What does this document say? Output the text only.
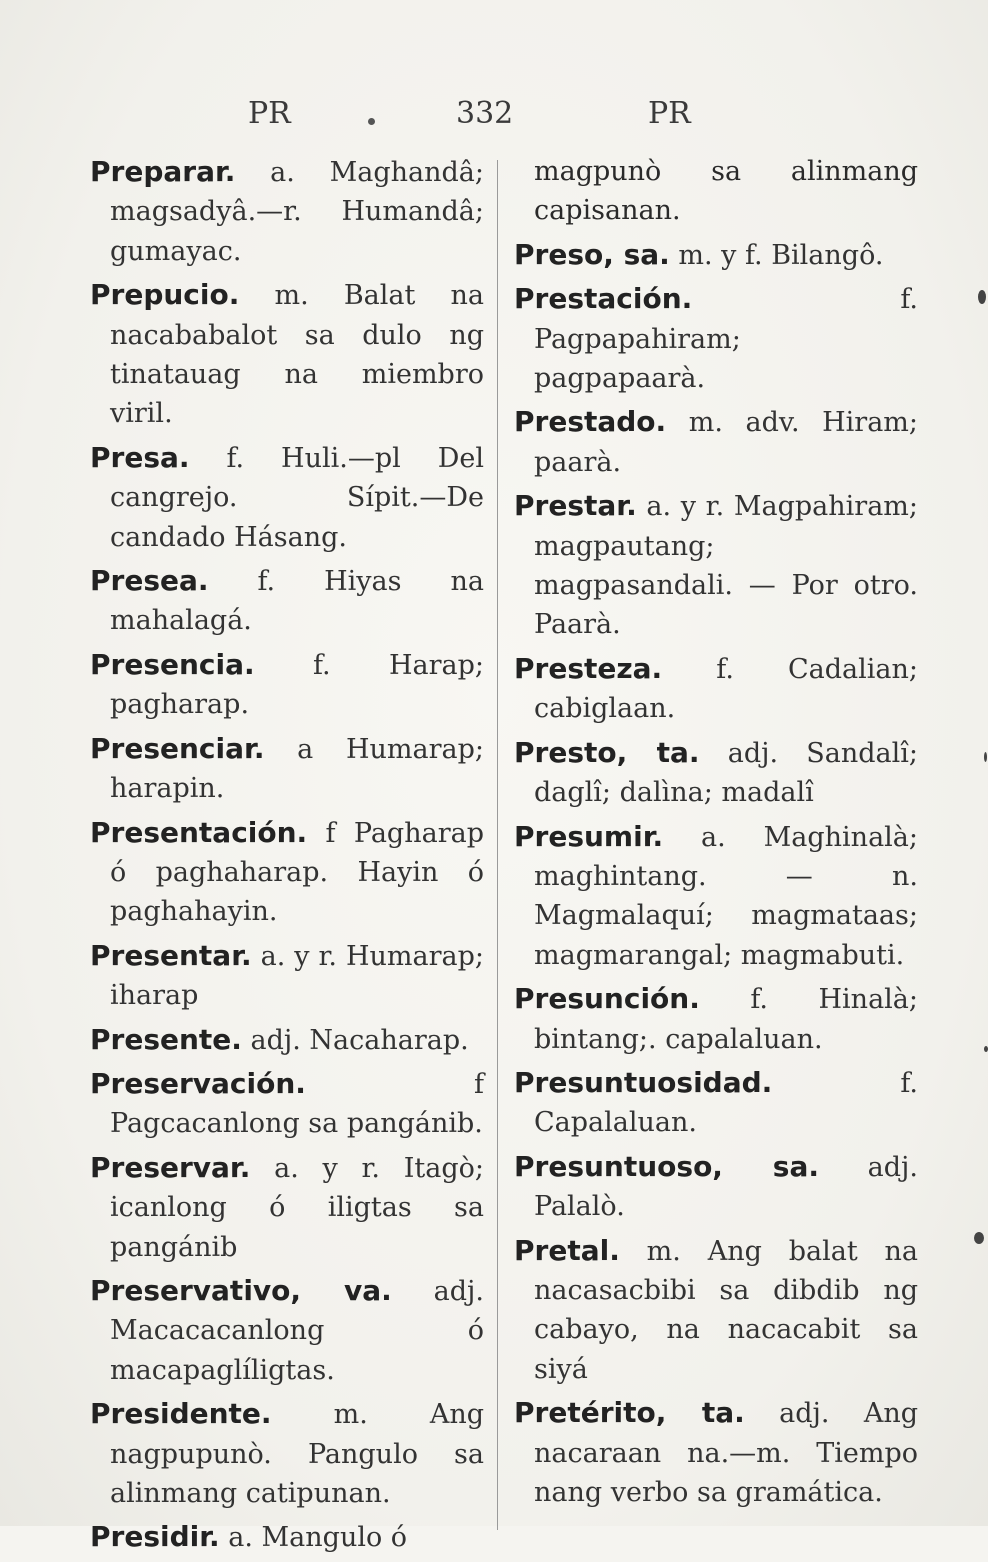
PR	332	PR

Preparar. a. Maghandâ; magsadyâ.—r. Humandâ; gumayac.

Prepucio. m. Balat na nacababalot sa dulo ng tinatauag na miembro viril.

Presa. f. Huli.—pl Del cangrejo. Sípit.—De candado Hásang.

Presea. f. Hiyas na mahalagá.

Presencia. f. Harap; pagharap.

Presenciar. a Humarap; harapin.

Presentación. f Pagharap ó paghaharap. Hayin ó paghahayin.

Presentar. a. y r. Humarap; iharap

Presente. adj. Nacaharap.

Preservación. f Pagcacanlong sa pangánib.

Preservar. a. y r. Itagò; icanlong ó iligtas sa pangánib

Preservativo, va. adj. Macacacanlong ó macapaglíligtas.

Presidente. m. Ang nagpupunò. Pangulo sa alinmang catipunan.

Presidir. a. Mangulo ó

magpunò sa alinmang capisanan.

Preso, sa. m. y f. Bilangô.

Prestación. f. Pagpapahiram; pagpapaarà.

Prestado. m. adv. Hiram; paarà.

Prestar. a. y r. Magpahiram; magpautang; magpasandali. — Por otro. Paarà.

Presteza. f. Cadalian; cabiglaan.

Presto, ta. adj. Sandalî; daglî; dalìna; madalî

Presumir. a. Maghinalà; maghintang. — n. Magmalaquí; magmataas; magmarangal; magmabuti.

Presunción. f. Hinalà; bintang;. capalaluan.

Presuntuosidad. f. Capalaluan.

Presuntuoso, sa. adj. Palalò.

Pretal. m. Ang balat na nacasacbibi sa dibdib ng cabayo, na nacacabit sa siyá

Pretérito, ta. adj. Ang nacaraan na.—m. Tiempo nang verbo sa gramática.
